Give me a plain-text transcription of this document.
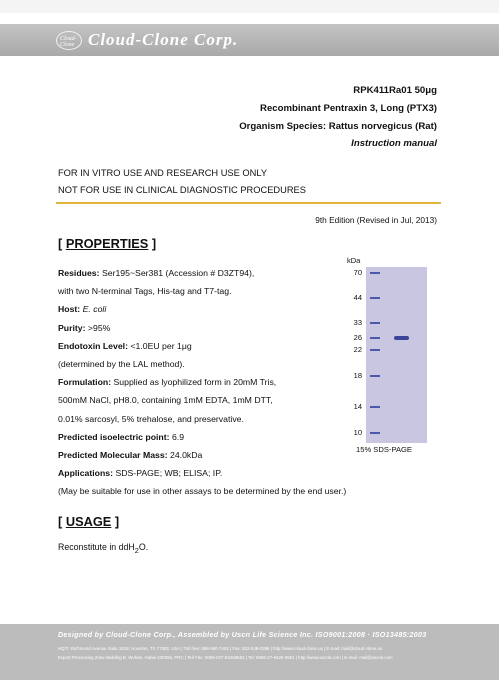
Cloud-Clone Cloud-Clone Corp.
RPK411Ra01 50μg
Recombinant Pentraxin 3, Long (PTX3)
Organism Species: Rattus norvegicus (Rat)
Instruction manual
FOR IN VITRO USE AND RESEARCH USE ONLY
NOT FOR USE IN CLINICAL DIAGNOSTIC PROCEDURES
9th Edition (Revised in Jul, 2013)
[ PROPERTIES ]
Residues: Ser195~Ser381 (Accession # D3ZT94),
with two N-terminal Tags, His-tag and T7-tag.
Host: E. coli
Purity: >95%
Endotoxin Level: <1.0EU per 1μg
(determined by the LAL method).
Formulation: Supplied as lyophilized form in 20mM Tris,
500mM NaCl, pH8.0, containing 1mM EDTA, 1mM DTT,
0.01% sarcosyl, 5% trehalose, and preservative.
Predicted isoelectric point: 6.9
Predicted Molecular Mass: 24.0kDa
Applications: SDS-PAGE; WB; ELISA; IP.
(May be suitable for use in other assays to be determined by the end user.)
kDa
70
44
33
26
22
18
14
10
15% SDS-PAGE
[ USAGE ]
Reconstitute in ddH$_2$O.
Designed by Cloud-Clone Corp., Assembled by Uscn Life Science Inc. ISO9001:2008 · ISO13485:2003
HQTI: Richmond Avenue Suite 3818, Houston, TX 77082, USA | Toll free: 888-960-7402 | Fax: 832-538-0388 | http://www.cloud-clone.us | E-mail: mail@cloud-clone.us
Export Processing Zone Building B, Wuhan, Hubei 430056, PRC | Tel/ Fax: 0086-027-84259552 | Tel: 0086-27-8425-9551 | http://www.uscnk.com | E-mail: mail@uscnk.com
